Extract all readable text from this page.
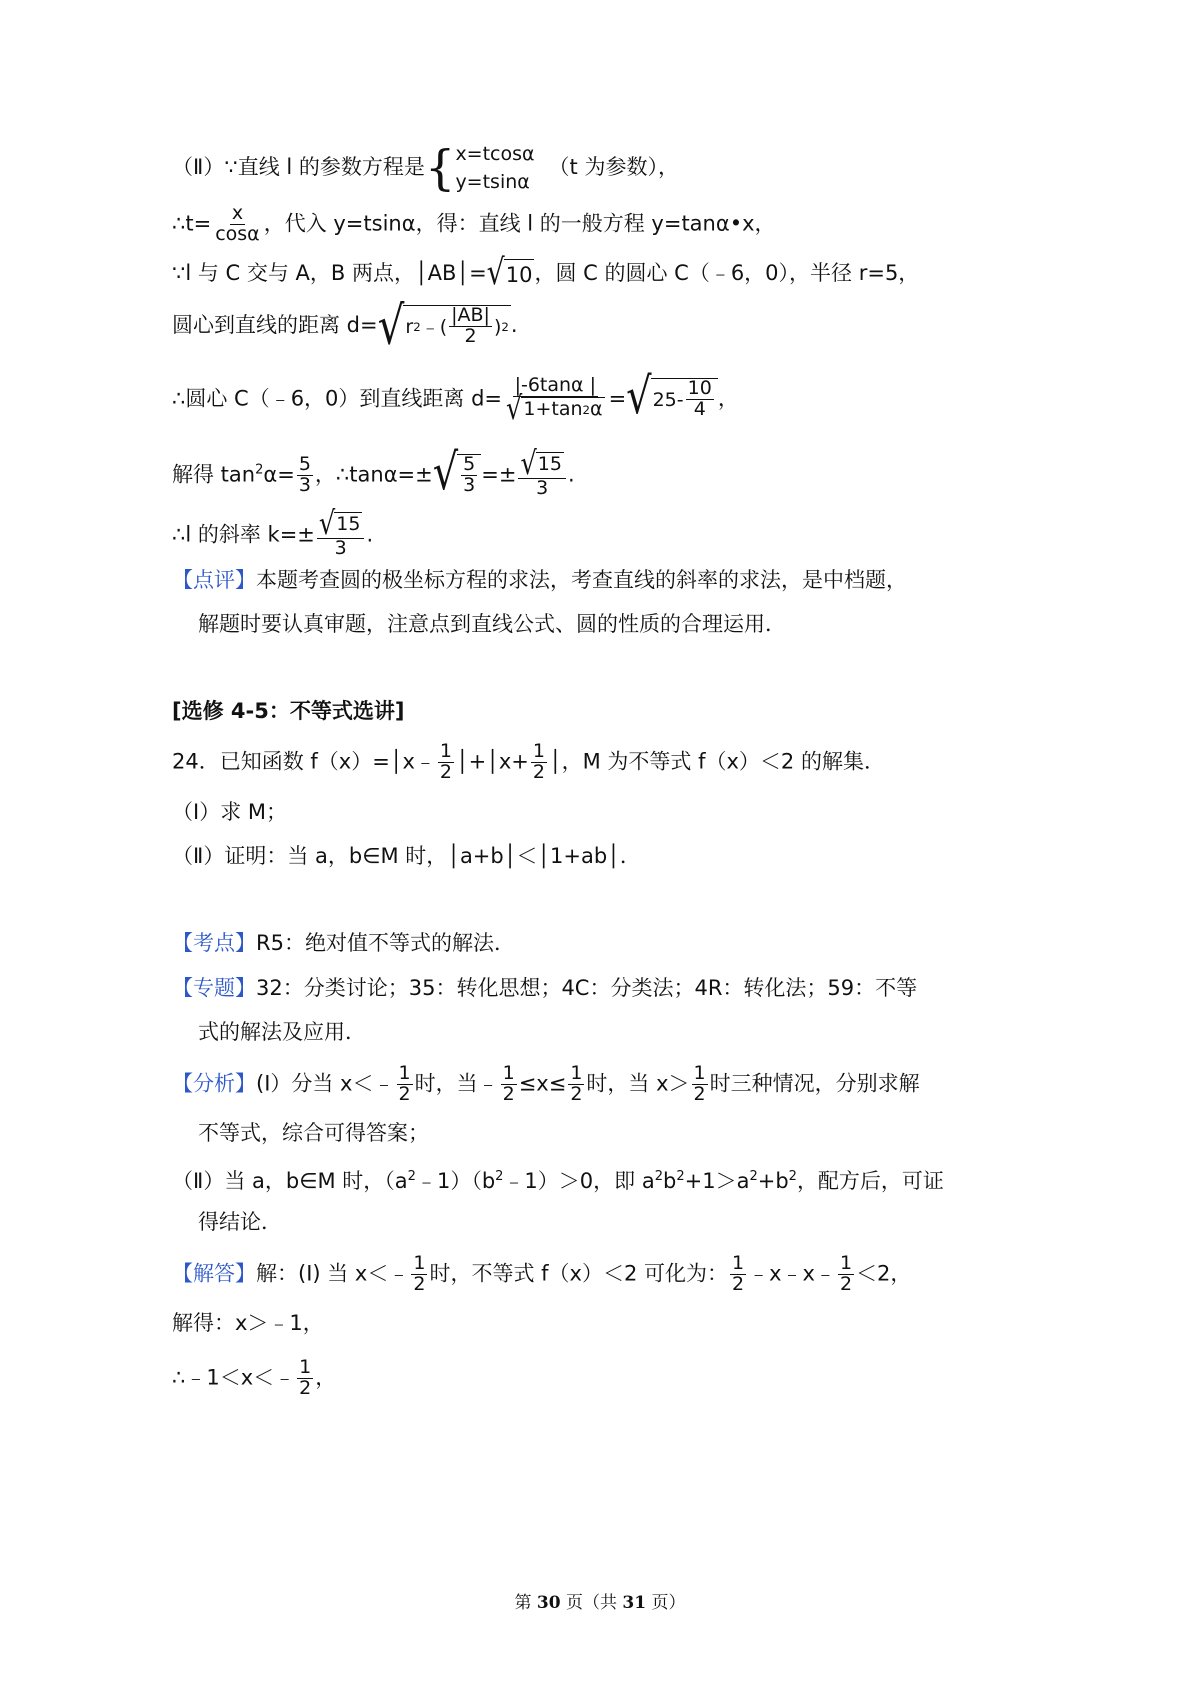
（Ⅱ）∵直线 l 的参数方程是{ x=tcosα
y=tsinα
（t 为参数），
∴t= $\frac{x}{\cos\alpha}$ ，代入 y=tsinα，得：直线 l 的一般方程 y=tanα•x，
∵l 与 C 交与 A，B 两点，│AB│= √ 10 ，圆 C 的圆心 C（﹣6，0），半径 r=5，
圆心到直线的距离 d= √ r 2 ﹣( $\frac{|AB|}{2}$ ) 2 .
∴圆心 C（﹣6，0）到直线距离 $d= \frac{|-6\tan\alpha |}{√ 1+\tan 2 \alpha}$ = √ $25- \frac{10}{4}$ ，
解得 $\tan^2\alpha= \frac{5}{3}$ ，∴tanα=± √ $\frac{5}{3} =\pm \frac{√ 15}{3}$ .
∴l 的斜率 $k=\pm \frac{√ 15}{3}$ .
【点评】本题考查圆的极坐标方程的求法，考查直线的斜率的求法，是中档题，
解题时要认真审题，注意点到直线公式、圆的性质的合理运用．
[选修 4-5：不等式选讲]
24．已知函数 f（x）=│x﹣ $\frac{1}{2}$ │+│x+ $\frac{1}{2}$ │，M 为不等式 f（x）＜2 的解集．
（Ⅰ）求 M；
（Ⅱ）证明：当 a，b∈M 时，│a+b│＜│1+ab│．
【考点】R5：绝对值不等式的解法．
【专题】32：分类讨论；35：转化思想；4C：分类法；4R：转化法；59：不等
式的解法及应用．
【分析】(Ⅰ）分当 x＜﹣ $\frac{1}{2}$ 时，当﹣ $\frac{1}{2} \le x\le \frac{1}{2}$ 时，当 $x> \frac{1}{2}$ 时三种情况，分别求解
不等式，综合可得答案；
（Ⅱ）当 a，b∈M 时，$(a^2﹣1)(b^2﹣1)>0$，即 $a^2b^2+1>a^2+b^2$，配方后，可证
得结论．
【解答】解：(Ⅰ) 当 x＜﹣ $\frac{1}{2}$ 时，不等式 f（x）＜2 可化为： $\frac{1}{2}$ ﹣x﹣x﹣ $\frac{1}{2} <2$，
解得：x＞﹣1，
∴﹣1＜x＜﹣ $\frac{1}{2}$ ，
第 30 页（共 31 页）
